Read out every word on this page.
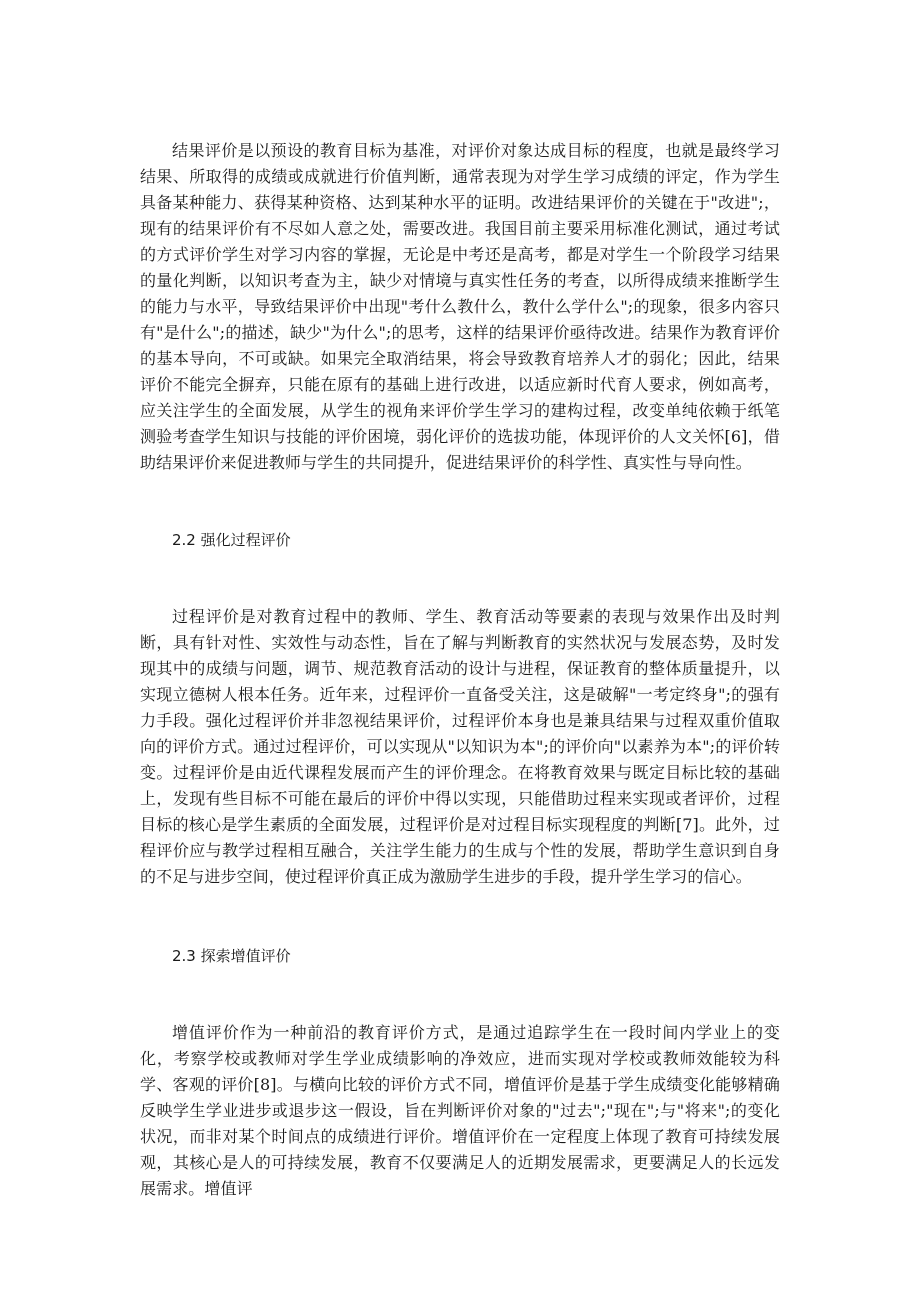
结果评价是以预设的教育目标为基准，对评价对象达成目标的程度，也就是最终学习结果、所取得的成绩或成就进行价值判断，通常表现为对学生学习成绩的评定，作为学生具备某种能力、获得某种资格、达到某种水平的证明。改进结果评价的关键在于"改进";，现有的结果评价有不尽如人意之处，需要改进。我国目前主要采用标准化测试，通过考试的方式评价学生对学习内容的掌握，无论是中考还是高考，都是对学生一个阶段学习结果的量化判断，以知识考查为主，缺少对情境与真实性任务的考查，以所得成绩来推断学生的能力与水平，导致结果评价中出现"考什么教什么，教什么学什么";的现象，很多内容只有"是什么";的描述，缺少"为什么";的思考，这样的结果评价亟待改进。结果作为教育评价的基本导向，不可或缺。如果完全取消结果，将会导致教育培养人才的弱化；因此，结果评价不能完全摒弃，只能在原有的基础上进行改进，以适应新时代育人要求，例如高考，应关注学生的全面发展，从学生的视角来评价学生学习的建构过程，改变单纯依赖于纸笔测验考查学生知识与技能的评价困境，弱化评价的选拔功能，体现评价的人文关怀[6]，借助结果评价来促进教师与学生的共同提升，促进结果评价的科学性、真实性与导向性。

2.2 强化过程评价

过程评价是对教育过程中的教师、学生、教育活动等要素的表现与效果作出及时判断，具有针对性、实效性与动态性，旨在了解与判断教育的实然状况与发展态势，及时发现其中的成绩与问题，调节、规范教育活动的设计与进程，保证教育的整体质量提升，以实现立德树人根本任务。近年来，过程评价一直备受关注，这是破解"一考定终身";的强有力手段。强化过程评价并非忽视结果评价，过程评价本身也是兼具结果与过程双重价值取向的评价方式。通过过程评价，可以实现从"以知识为本";的评价向"以素养为本";的评价转变。过程评价是由近代课程发展而产生的评价理念。在将教育效果与既定目标比较的基础上，发现有些目标不可能在最后的评价中得以实现，只能借助过程来实现或者评价，过程目标的核心是学生素质的全面发展，过程评价是对过程目标实现程度的判断[7]。此外，过程评价应与教学过程相互融合，关注学生能力的生成与个性的发展，帮助学生意识到自身的不足与进步空间，使过程评价真正成为激励学生进步的手段，提升学生学习的信心。

2.3 探索增值评价

增值评价作为一种前沿的教育评价方式，是通过追踪学生在一段时间内学业上的变化，考察学校或教师对学生学业成绩影响的净效应，进而实现对学校或教师效能较为科学、客观的评价[8]。与横向比较的评价方式不同，增值评价是基于学生成绩变化能够精确反映学生学业进步或退步这一假设，旨在判断评价对象的"过去";"现在";与"将来";的变化状况，而非对某个时间点的成绩进行评价。增值评价在一定程度上体现了教育可持续发展观，其核心是人的可持续发展，教育不仅要满足人的近期发展需求，更要满足人的长远发展需求。增值评
